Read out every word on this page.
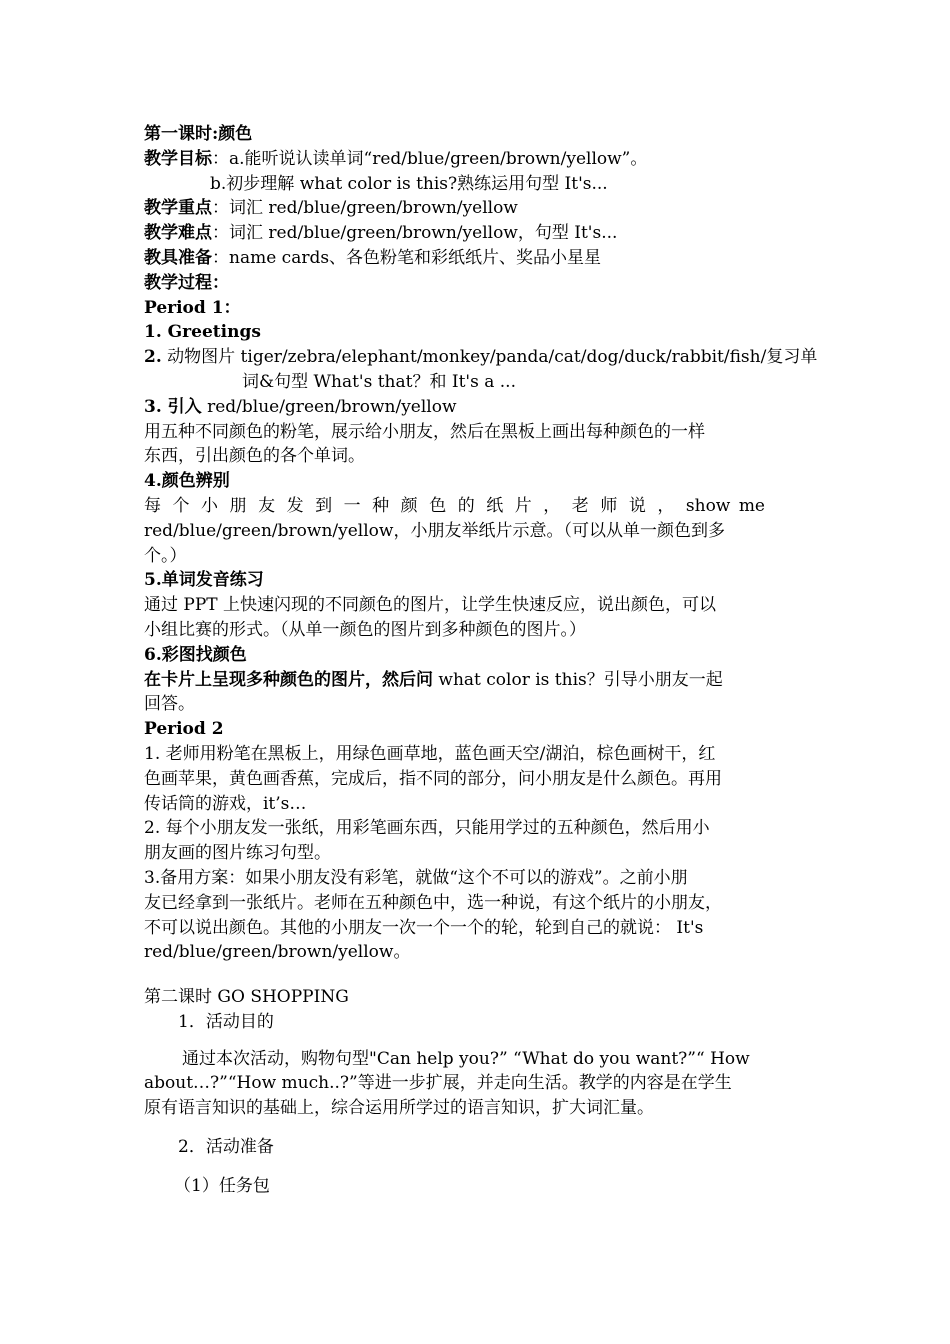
第一课时:颜色
教学目标：a.能听说认读单词“red/blue/green/brown/yellow”。
b.初步理解 what color is this?熟练运用句型 It's...
教学重点：词汇 red/blue/green/brown/yellow
教学难点：词汇 red/blue/green/brown/yellow，句型 It's...
教具准备：name cards、各色粉笔和彩纸纸片、奖品小星星
教学过程：
Period 1：
1. Greetings
2. 动物图片 tiger/zebra/elephant/monkey/panda/cat/dog/duck/rabbit/fish/复习单
词&句型 What's that？和 It's a ...
3. 引入 red/blue/green/brown/yellow
用五种不同颜色的粉笔，展示给小朋友，然后在黑板上画出每种颜色的一样
东西，引出颜色的各个单词。
4.颜色辨别
每 个 小 朋 友 发 到 一 种 颜 色 的 纸 片 ， 老 师 说 ， show me
red/blue/green/brown/yellow，小朋友举纸片示意。（可以从单一颜色到多
个。）
5.单词发音练习
通过 PPT 上快速闪现的不同颜色的图片，让学生快速反应，说出颜色，可以
小组比赛的形式。（从单一颜色的图片到多种颜色的图片。）
6.彩图找颜色
在卡片上呈现多种颜色的图片，然后问 what color is this？引导小朋友一起
回答。
Period 2
1. 老师用粉笔在黑板上，用绿色画草地，蓝色画天空/湖泊，棕色画树干，红
色画苹果，黄色画香蕉，完成后，指不同的部分，问小朋友是什么颜色。再用
传话筒的游戏，it’s…
2. 每个小朋友发一张纸，用彩笔画东西，只能用学过的五种颜色，然后用小
朋友画的图片练习句型。
3.备用方案：如果小朋友没有彩笔，就做“这个不可以的游戏”。之前小朋
友已经拿到一张纸片。老师在五种颜色中，选一种说，有这个纸片的小朋友，
不可以说出颜色。其他的小朋友一次一个一个的轮，轮到自己的就说： It's
red/blue/green/brown/yellow。
第二课时 GO SHOPPING
1．活动目的
通过本次活动，购物句型"Can help you?” “What do you want?”“ How
about…?”“How much..?”等进一步扩展，并走向生活。教学的内容是在学生
原有语言知识的基础上，综合运用所学过的语言知识，扩大词汇量。
2．活动准备
（1）任务包
